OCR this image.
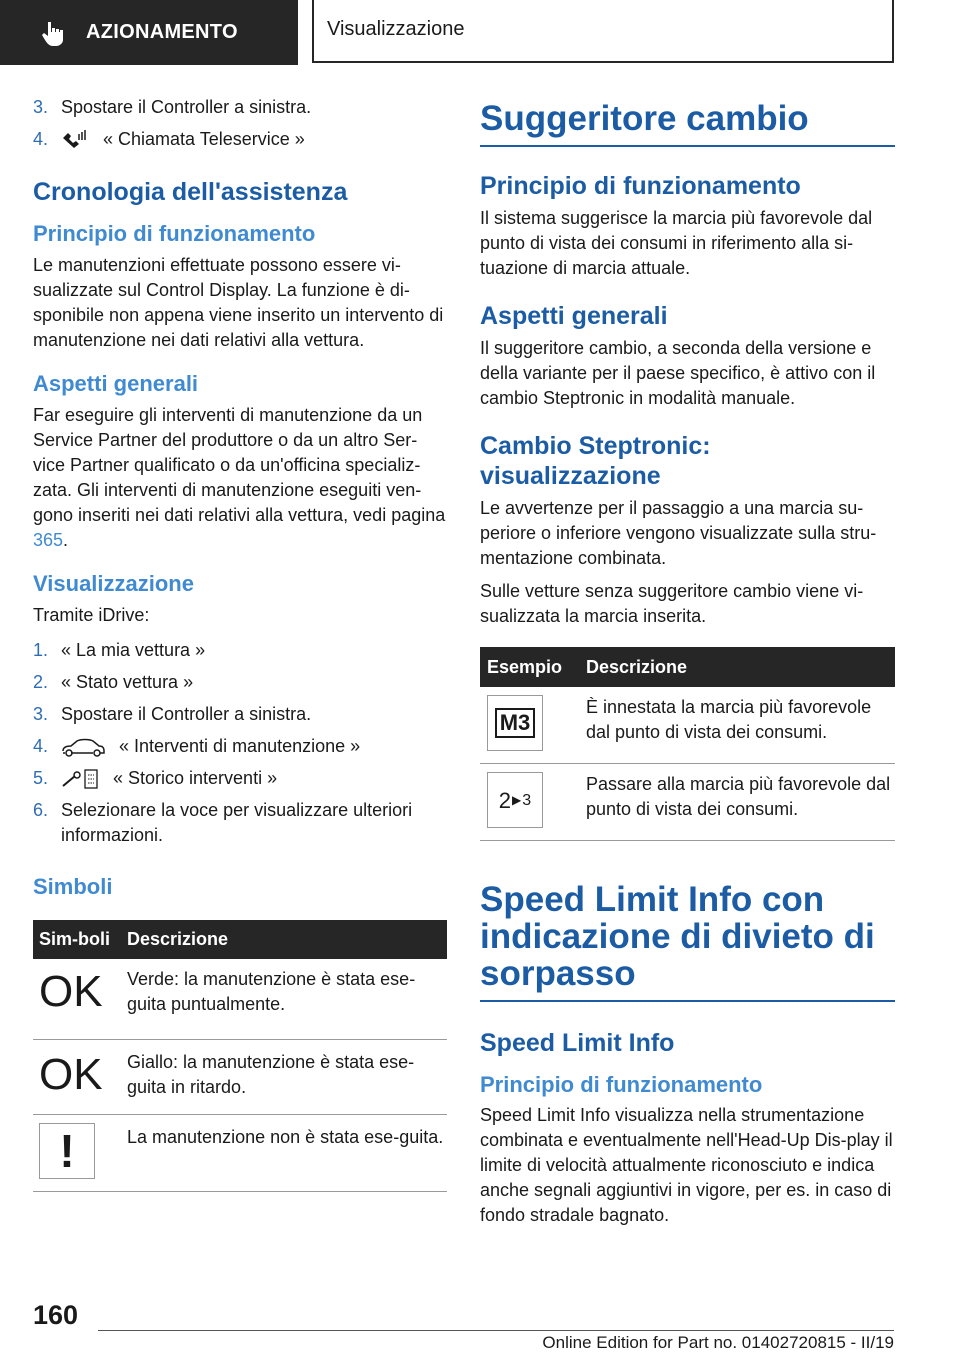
AZIONAMENTO	Visualizzazione
3. Spostare il Controller a sinistra.
4.	« Chiamata Teleservice »
Cronologia dell'assistenza
Principio di funzionamento

Le manutenzioni effettuate possono essere vi-sualizzate sul Control Display. La funzione è di-sponibile non appena viene inserito un intervento di manutenzione nei dati relativi alla vettura.

Aspetti generali

Far eseguire gli interventi di manutenzione da un Service Partner del produttore o da un altro Ser-vice Partner qualificato o da un'officina specializ-zata. Gli interventi di manutenzione eseguiti ven-gono inseriti nei dati relativi alla vettura, vedi pagina 365.

Visualizzazione

Tramite iDrive:

1. « La mia vettura »
2. « Stato vettura »
3. Spostare il Controller a sinistra.
4.	« Interventi di manutenzione »
5.	« Storico interventi »
6. Selezionare la voce per visualizzare ulteriori informazioni.
Simboli
Sim-boli	Descrizione
OK	Verde: la manutenzione è stata ese-guita puntualmente.
OK	Giallo: la manutenzione è stata ese-guita in ritardo.

!	La manutenzione non è stata ese-guita.
Suggeritore cambio
Principio di funzionamento

Il sistema suggerisce la marcia più favorevole dal punto di vista dei consumi in riferimento alla si-tuazione di marcia attuale.

Aspetti generali

Il suggeritore cambio, a seconda della versione e della variante per il paese specifico, è attivo con il cambio Steptronic in modalità manuale.

Cambio Steptronic: visualizzazione

Le avvertenze per il passaggio a una marcia su-periore o inferiore vengono visualizzate sulla stru-mentazione combinata.

Sulle vetture senza suggeritore cambio viene vi-sualizzata la marcia inserita.

Esempio	Descrizione

M3	È innestata la marcia più favorevole dal punto di vista dei consumi.

2 ▶ 3	Passare alla marcia più favorevole dal punto di vista dei consumi.
Speed Limit Info con indicazione di divieto di sorpasso
Speed Limit Info
Principio di funzionamento

Speed Limit Info visualizza nella strumentazione combinata e eventualmente nell'Head-Up Dis-play il limite di velocità attualmente riconosciuto e indica anche segnali aggiuntivi in vigore, per es. in caso di fondo stradale bagnato.

160
Online Edition for Part no. 01402720815 - II/19
